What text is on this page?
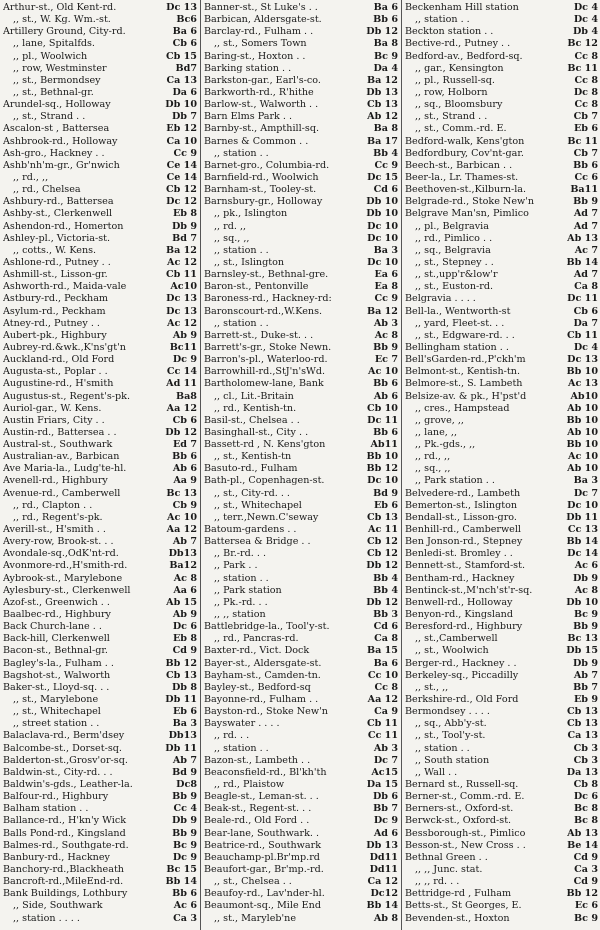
Arthur-st., Old Kent-rd.	Dc 13
,, st., W. Kg. Wm.-st.	Bc6
Artillery Ground, City-rd.	Ba 6
,, lane, Spitalfds.	Cb 6
,, pl., Woolwich	Cb 15
,, row, Westminster	Bd7
,, st., Bermondsey	Ca 13
,, st., Bethnal-gr.	Da 6
Arundel-sq., Holloway	Db 10
,, st., Strand . .	Db 7
Ascalon-st , Battersea	Eb 12
Ashbrook-rd., Holloway	Ca 10
Ash-gro., Hackney . .	Cc 9
Ashb'nh'm-gr., Gr'nwich	Ce 14
,, rd., ,,	Ce 14
,, rd., Chelsea	Cb 12
Ashbury-rd., Battersea	Dc 12
Ashby-st., Clerkenwell	Eb 8
Ashendon-rd., Homerton	Db 9
Ashley-pl., Victoria-st.	Bd 7
,, cotts., W. Kens.	Ba 12
Ashlone-rd., Putney . .	Ac 12
Ashmill-st., Lisson-gr.	Cb 11
Ashworth-rd., Maida-vale	Ac10
Astbury-rd., Peckham	Dc 13
Asylum-rd., Peckham	Dc 13
Atney-rd., Putney . .	Ac 12
Aubert-pk., Highbury	Ab 9
Aubrey-rd.&wk.,K'ns'gt'n	Bc11
Auckland-rd., Old Ford	Dc 9
Augusta-st., Poplar . .	Cc 14
Augustine-rd., H'smith	Ad 11
Augustus-st., Regent's-pk.	Ba8
Auriol-gar., W. Kens.	Aa 12
Austin Friars, City . .	Cb 6
Austin-rd., Battersea . .	Db 12
Austral-st., Southwark	Ed 7
Australian-av., Barbican	Bb 6
Ave Maria-la., Ludg'te-hl.	Ab 6
Avenell-rd., Highbury	Aa 9
Avenue-rd., Camberwell	Bc 13
,, rd., Clapton . .	Cb 9
,, rd., Regent's-pk.	Ac 10
Averill-st., H'smith . .	Aa 12
Avery-row, Brook-st. . .	Ab 7
Avondale-sq.,OdK'nt-rd.	Db13
Avonmore-rd.,H'smith-rd.	Ba12
Aybrook-st., Marylebone	Ac 8
Aylesbury-st., Clerkenwell	Aa 6
Azof-st., Greenwich . .	Ab 15
Baalbec-rd., Highbury	Ab 9
Back Church-lane . .	Dc 6
Back-hill, Clerkenwell	Eb 8
Bacon-st., Bethnal-gr.	Cd 9
Bagley's-la., Fulham . .	Bb 12
Bagshot-st., Walworth	Cb 13
Baker-st., Lloyd-sq. . .	Db 8
,, st., Marylebone	Db 11
,, st., Whitechapel	Eb 6
,, street station . .	Ba 3
Balaclava-rd., Berm'dsey	Db13
Balcombe-st., Dorset-sq.	Db 11
Balderton-st.,Grosv'or-sq.	Ab 7
Baldwin-st., City-rd. . .	Bd 9
Baldwin's-gds., Leather-la.	Dc8
Balfour-rd., Highbury	Bb 9
Balham station . .	Cc 4
Ballance-rd., H'kn'y Wick	Db 9
Balls Pond-rd., Kingsland	Bb 9
Balmes-rd., Southgate-rd.	Bc 9
Banbury-rd., Hackney	Dc 9
Banchory-rd.,Blackheath	Bc 15
Bancroft-rd.,MileEnd-rd.	Bb 14
Bank Buildings, Lothbury	Bb 6
,, Side, Southwark	Ac 6
,, station . . . .	Ca 3
Banner-st., St Luke's . .	Ba 6
Barbican, Aldersgate-st.	Bb 6
Barclay-rd., Fulham . .	Db 12
,, st., Somers Town	Ba 8
Baring-st., Hoxton . .	Bc 9
Barking station . .	Da 4
Barkston-gar., Earl's-co.	Ba 12
Barkworth-rd., R'hithe	Db 13
Barlow-st., Walworth . .	Cb 13
Barn Elms Park . .	Ab 12
Barnby-st., Ampthill-sq.	Ba 8
Barnes & Common . .	Ba 17
,, station . .	Bb 4
Barnet-gro., Columbia-rd.	Cc 9
Barnfield-rd., Woolwich	Dc 15
Barnham-st., Tooley-st.	Cd 6
Barnsbury-gr., Holloway	Db 10
,, pk., Islington	Db 10
,, rd. ,,	Dc 10
,, sq., ,,	Dc 10
,, station . .	Ba 3
,, st., Islington	Dc 10
Barnsley-st., Bethnal-gre.	Ea 6
Baron-st., Pentonville	Ea 8
Baroness-rd., Hackney-rd:	Cc 9
Baronscourt-rd.,W.Kens.	Ba 12
,, station . .	Ab 3
Barrett-st., Duke-st. . .	Ac 8
Barrett's-gr., Stoke Newn.	Bb 9
Barron's-pl., Waterloo-rd.	Ec 7
Barrowhill-rd.,StJ'n'sWd.	Ac 10
Bartholomew-lane, Bank	Bb 6
,, cl., Lit.-Britain	Ab 6
,, rd., Kentish-tn.	Cb 10
Basil-st., Chelsea . .	Dc 11
Basinghall-st., City . .	Bb 6
Bassett-rd , N. Kens'gton	Ab11
,, st., Kentish-tn	Bb 10
Basuto-rd., Fulham	Bb 12
Bath-pl., Copenhagen-st.	Dc 10
,, st., City-rd. . .	Bd 9
,, st., Whitechapel	Eb 6
,, terr.,Newn.C'seway	Cb 13
Batoum-gardens . .	Ac 11
Battersea & Bridge . .	Cb 12
,, Br.-rd. . .	Cb 12
,, Park . .	Db 12
,, station . .	Bb 4
,, Park station	Bb 4
,, Pk.-rd. . .	Db 12
,, ,, station	Bb 3
Battlebridge-la., Tool'y-st.	Cd 6
,, rd., Pancras-rd.	Ca 8
Baxter-rd., Vict. Dock	Ba 15
Bayer-st., Aldersgate-st.	Ba 6
Bayham-st., Camden-tn.	Cc 10
Bayley-st., Bedford-sq	Cc 8
Bayonne-rd., Fulham . .	Aa 12
Bayston-rd., Stoke New'n	Ca 9
Bayswater . . . .	Cb 11
,, rd. . .	Cc 11
,, station . .	Ab 3
Bazon-st., Lambeth . .	Dc 7
Beaconsfield-rd., Bl'kh'th	Ac15
,, rd., Plaistow	Da 15
Beagle-st., Leman-st. . .	Db 6
Beak-st., Regent-st. . .	Bb 7
Beale-rd., Old Ford . .	Dc 9
Bear-lane, Southwark. .	Ad 6
Beatrice-rd., Southwark	Db 13
Beauchamp-pl.Br'mp.rd	Dd11
Beaufort-gar., Br'mp.-rd.	Dd11
,, st., Chelsea . .	Ca 12
Beaufoy-rd., Lav'nder-hl.	Dc12
Beaumont-sq., Mile End	Bb 14
,, st., Maryleb'ne	Ab 8
Beckenham Hill station	Dc 4
,, station . .	Dc 4
Beckton station . .	Db 4
Bective-rd., Putney . .	Bc 12
Bedford-av., Bedford-sq.	Cc 8
,, gar., Kensington	Bc 11
,, pl., Russell-sq.	Cc 8
,, row, Holborn	Dc 8
,, sq., Bloomsbury	Cc 8
,, st., Strand . .	Cb 7
,, st., Comm.-rd. E.	Eb 6
Bedford-walk, Kens'gton	Bc 11
Bedfordbury, Cov'nt-gar.	Cb 7
Beech-st., Barbican . .	Bb 6
Beer-la., Lr. Thames-st.	Cc 6
Beethoven-st.,Kilburn-la.	Ba11
Belgrade-rd., Stoke New'n	Bb 9
Belgrave Man'sn, Pimlico	Ad 7
,, pl., Belgravia	Ad 7
,, rd., Pimlico . .	Ab 13
,, sq., Belgravia	Ac 7
,, st., Stepney . .	Bb 14
,, st.,upp'r&low'r	Ad 7
,, st., Euston-rd.	Ca 8
Belgravia . . . .	Dc 11
Bell-la., Wentworth-st	Cb 6
,, yard, Fleet-st. . .	Da 7
,, st., Edgware-rd. . .	Cb 11
Bellingham station . .	Dc 4
Bell'sGarden-rd.,P'ckh'm	Dc 13
Belmont-st., Kentish-tn.	Bb 10
Belmore-st., S. Lambeth	Ac 13
Belsize-av. & pk., H'pst'd	Ab10
,, cres., Hampstead	Ab 10
,, grove, ,,	Bb 10
,, lane, ,,	Ab 10
,, Pk.-gds., ,,	Bb 10
,, rd., ,,	Ac 10
,, sq., ,,	Ab 10
,, Park station . .	Ba 3
Belvedere-rd., Lambeth	Dc 7
Bemerton-st., Islington	Dc 10
Bendall-st., Lisson-gro.	Db 11
Benhill-rd., Camberwell	Cc 13
Ben Jonson-rd., Stepney	Bb 14
Benledi-st. Bromley . .	Dc 14
Bennett-st., Stamford-st.	Ac 6
Bentham-rd., Hackney	Db 9
Bentinck-st.,M'nch'st'r-sq.	Ac 8
Benwell-rd., Holloway	Db 10
Benyon-rd., Kingsland	Bc 9
Beresford-rd., Highbury	Bb 9
,, st.,Camberwell	Bc 13
,, st., Woolwich	Db 15
Berger-rd., Hackney . .	Db 9
Berkeley-sq., Piccadilly	Ab 7
,, st., ,,	Bb 7
Berkshire-rd., Old Ford	Eb 9
Bermondsey . . . .	Cb 13
,, sq., Abb'y-st.	Cb 13
,, st., Tool'y-st.	Ca 13
,, station . .	Cb 3
,, South station	Cb 3
,, Wall . .	Da 13
Bernard st., Russell-sq.	Cb 8
Berner-st., Comm.-rd. E.	Dc 6
Berners-st., Oxford-st.	Bc 8
Berwck-st., Oxford-st.	Bc 8
Bessborough-st., Pimlico	Ab 13
Besson-st., New Cross . .	Be 14
Bethnal Green . .	Cd 9
,, ,, Junc. stat.	Ca 3
,, ,, rd. . .	Cd 9
Bettridge-rd , Fulham	Bb 12
Betts-st., St Georges, E.	Ec 6
Bevenden-st., Hoxton	Bc 9
